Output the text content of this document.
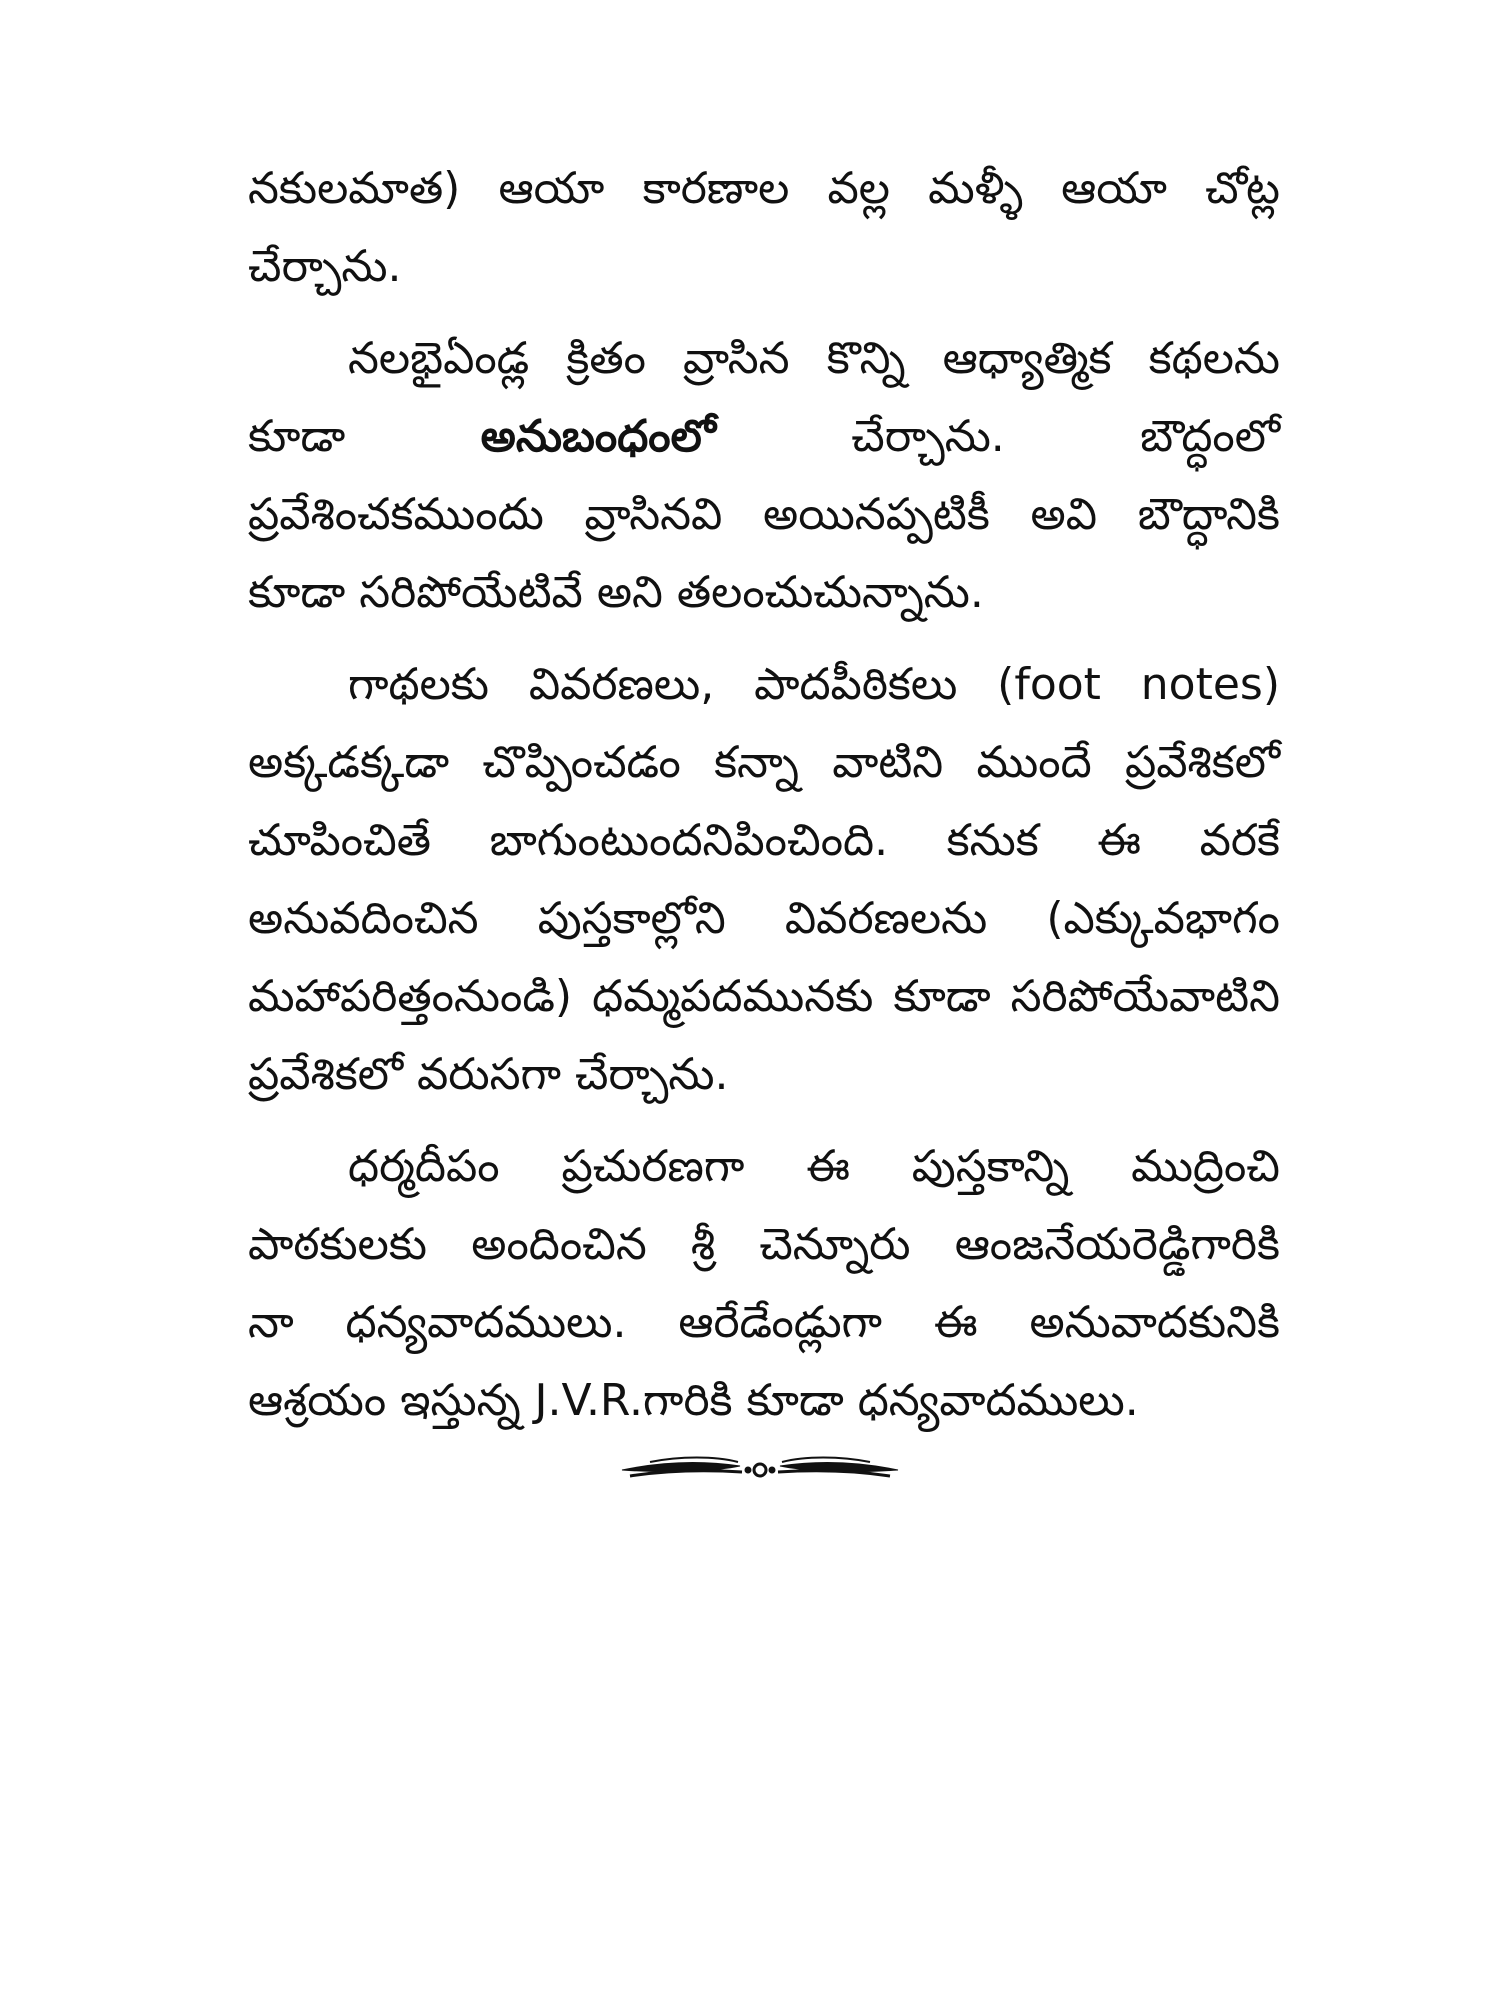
నకులమాత) ఆయా కారణాల వల్ల మళ్ళీ ఆయా చోట్ల
చేర్చాను.
నలభైఏండ్ల క్రితం వ్రాసిన కొన్ని ఆధ్యాత్మిక కథలను
కూడా	అనుబంధంలో	చేర్చాను. బౌద్ధంలో
ప్రవేశించకముందు వ్రాసినవి అయినప్పటికీ అవి బౌద్ధానికి
కూడా సరిపోయేటివే అని తలంచుచున్నాను.
గాథలకు వివరణలు, పాదపీఠికలు (foot notes)
అక్కడక్కడా చొప్పించడం కన్నా వాటిని ముందే ప్రవేశికలో
చూపించితే బాగుంటుందనిపించింది. కనుక ఈ వరకే
అనువదించిన పుస్తకాల్లోని వివరణలను (ఎక్కువభాగం
మహాపరిత్తంనుండి) ధమ్మపదమునకు కూడా సరిపోయేవాటిని
ప్రవేశికలో వరుసగా చేర్చాను.
ధర్మదీపం ప్రచురణగా ఈ పుస్తకాన్ని ముద్రించి
పాఠకులకు అందించిన శ్రీ చెన్నూరు ఆంజనేయరెడ్డిగారికి
నా ధన్యవాదములు. ఆరేడేండ్లుగా ఈ అనువాదకునికి
ఆశ్రయం ఇస్తున్న J.V.R.గారికి కూడా ధన్యవాదములు.
